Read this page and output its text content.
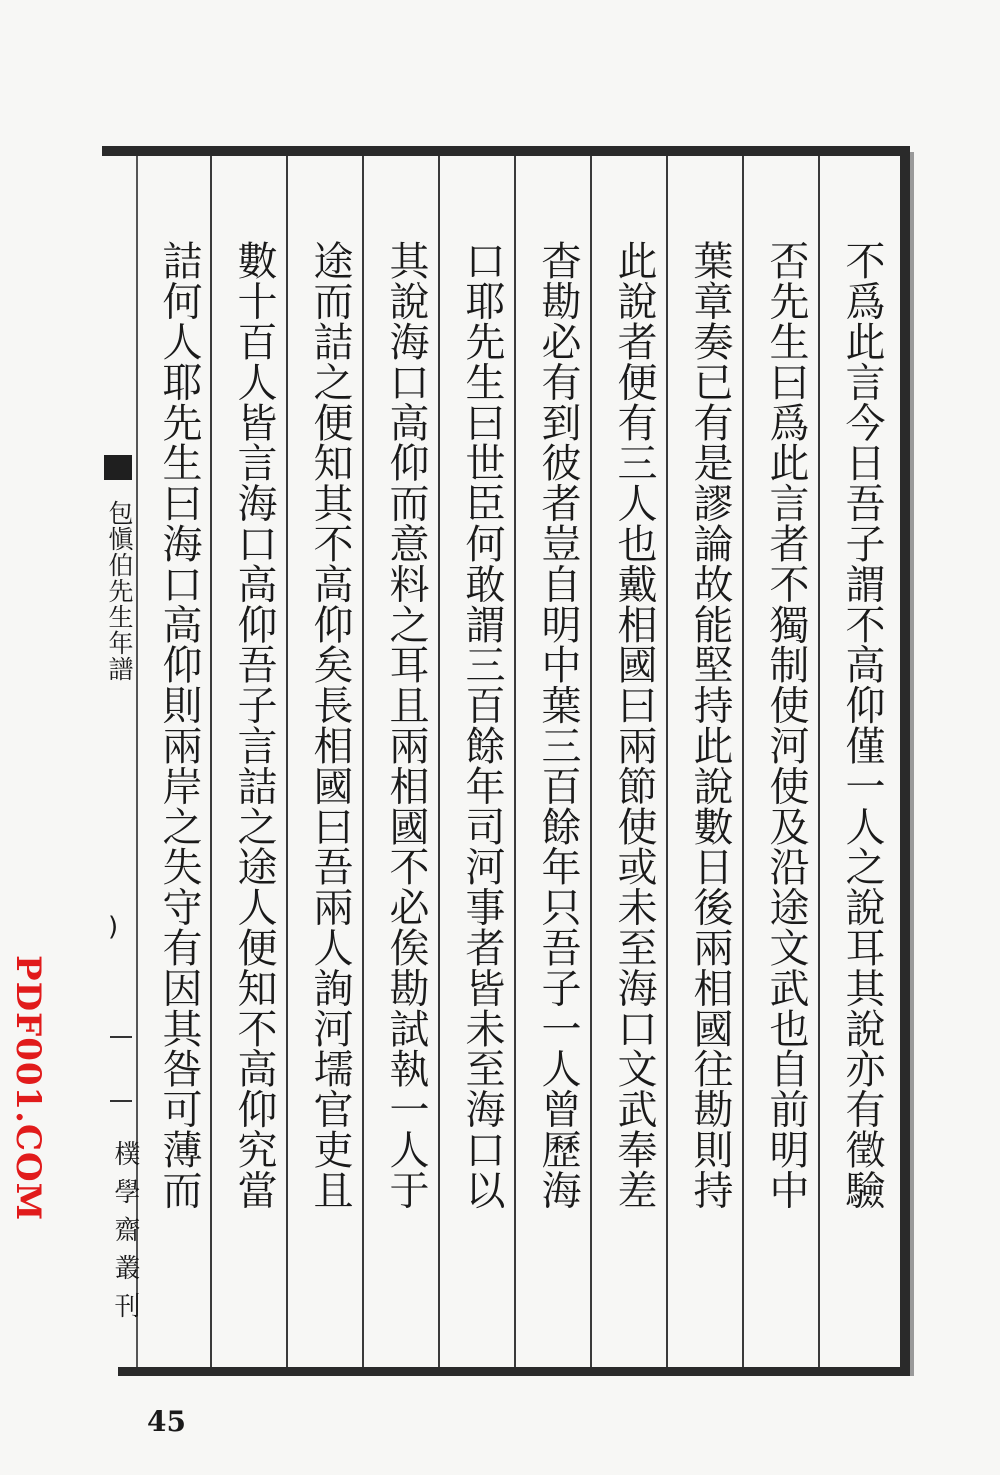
不爲此言今日吾子謂不高仰僅一人之說耳其說亦有徵驗
否先生曰爲此言者不獨制使河使及沿途文武也自前明中
葉章奏已有是謬論故能堅持此說數日後兩相國往勘則持
此說者便有三人也戴相國曰兩節使或未至海口文武奉差
杳勘必有到彼者豈自明中葉三百餘年只吾子一人曾歷海
口耶先生曰世臣何敢謂三百餘年司河事者皆未至海口以
其說海口高仰而意料之耳且兩相國不必俟勘試執一人于
途而詰之便知其不高仰矣長相國曰吾兩人詢河壖官吏且
數十百人皆言海口高仰吾子言詰之途人便知不高仰究當
詰何人耶先生曰海口高仰則兩岸之失守有因其咎可薄而
包愼伯先生年譜
)
樸學齋叢刊
45
PDF001.COM
